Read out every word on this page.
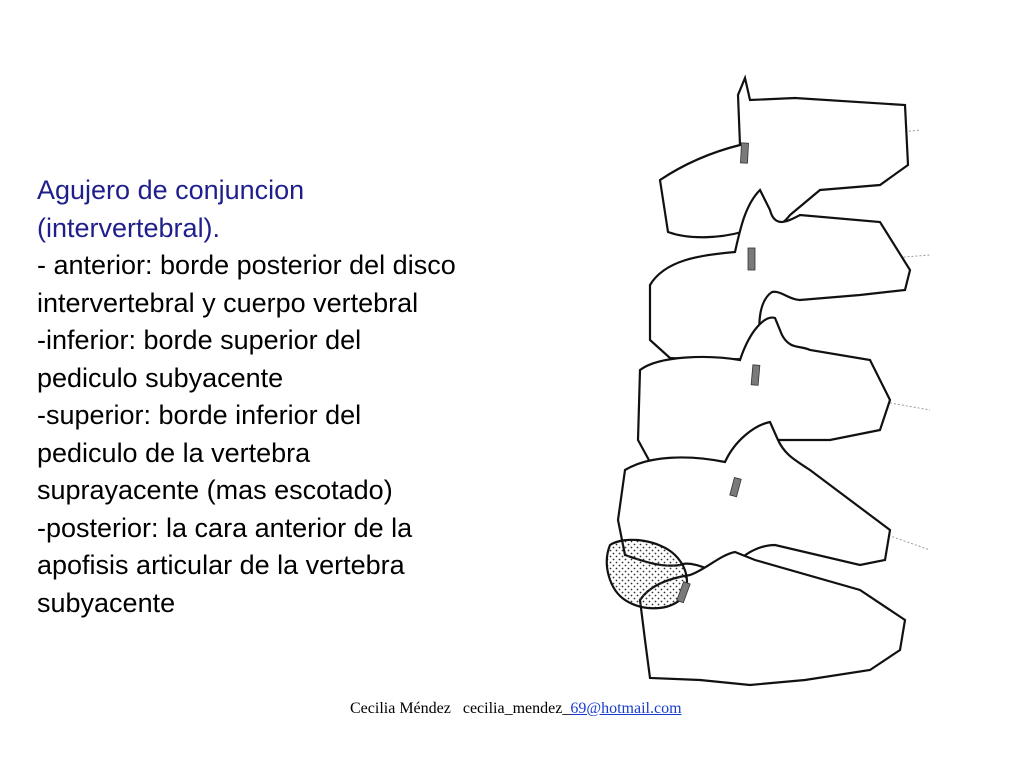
Agujero de conjuncion
(intervertebral).
- anterior: borde posterior del disco
intervertebral y cuerpo vertebral
-inferior: borde superior del
pediculo subyacente
-superior: borde inferior del
pediculo de la vertebra
suprayacente (mas escotado)
-posterior: la cara anterior de la
apofisis articular de la vertebra
subyacente
Cecilia Méndez cecilia_mendez_69@hotmail.com
